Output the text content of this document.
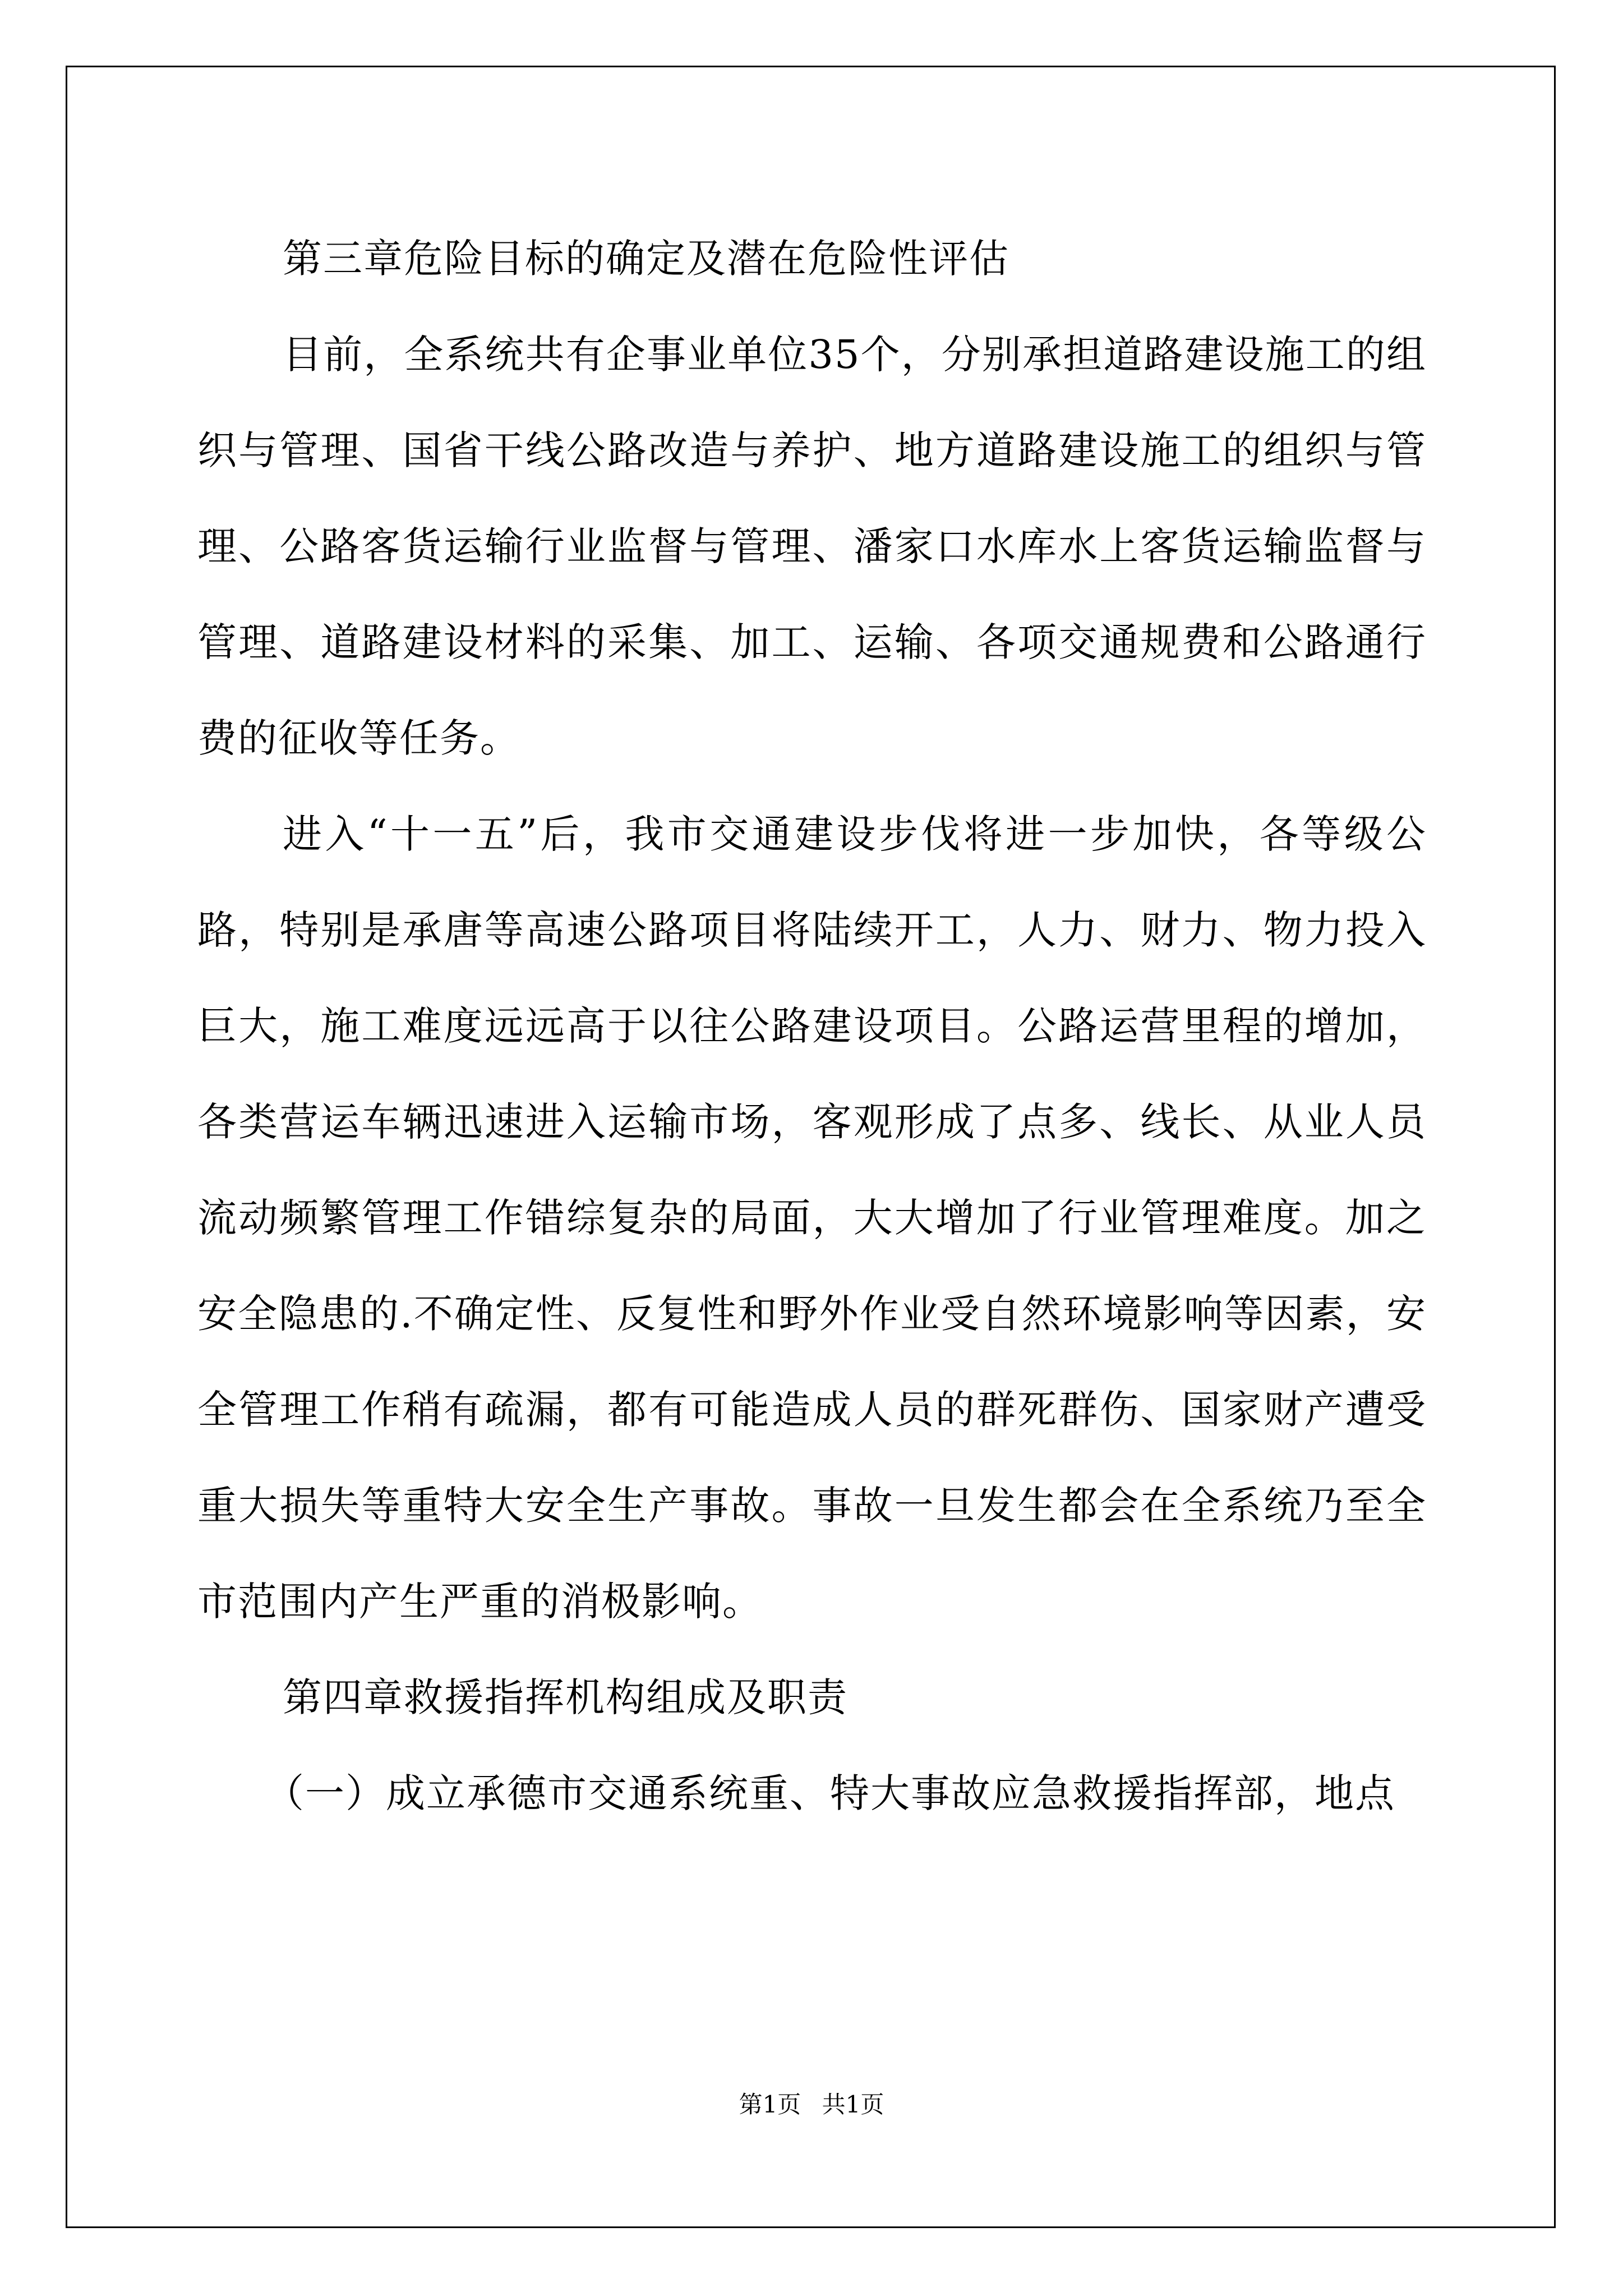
第三章危险目标的确定及潜在危险性评估

目前，全系统共有企事业单位35个，分别承担道路建设施工的组织与管理、国省干线公路改造与养护、地方道路建设施工的组织与管理、公路客货运输行业监督与管理、潘家口水库水上客货运输监督与管理、道路建设材料的采集、加工、运输、各项交通规费和公路通行费的征收等任务。

进入“十一五”后，我市交通建设步伐将进一步加快，各等级公路，特别是承唐等高速公路项目将陆续开工，人力、财力、物力投入巨大，施工难度远远高于以往公路建设项目。公路运营里程的增加，各类营运车辆迅速进入运输市场，客观形成了点多、线长、从业人员流动频繁管理工作错综复杂的局面，大大增加了行业管理难度。加之安全隐患的.不确定性、反复性和野外作业受自然环境影响等因素，安全管理工作稍有疏漏，都有可能造成人员的群死群伤、国家财产遭受重大损失等重特大安全生产事故。事故一旦发生都会在全系统乃至全市范围内产生严重的消极影响。

第四章救援指挥机构组成及职责

（一）成立承德市交通系统重、特大事故应急救援指挥部，地点

第1页 共1页
